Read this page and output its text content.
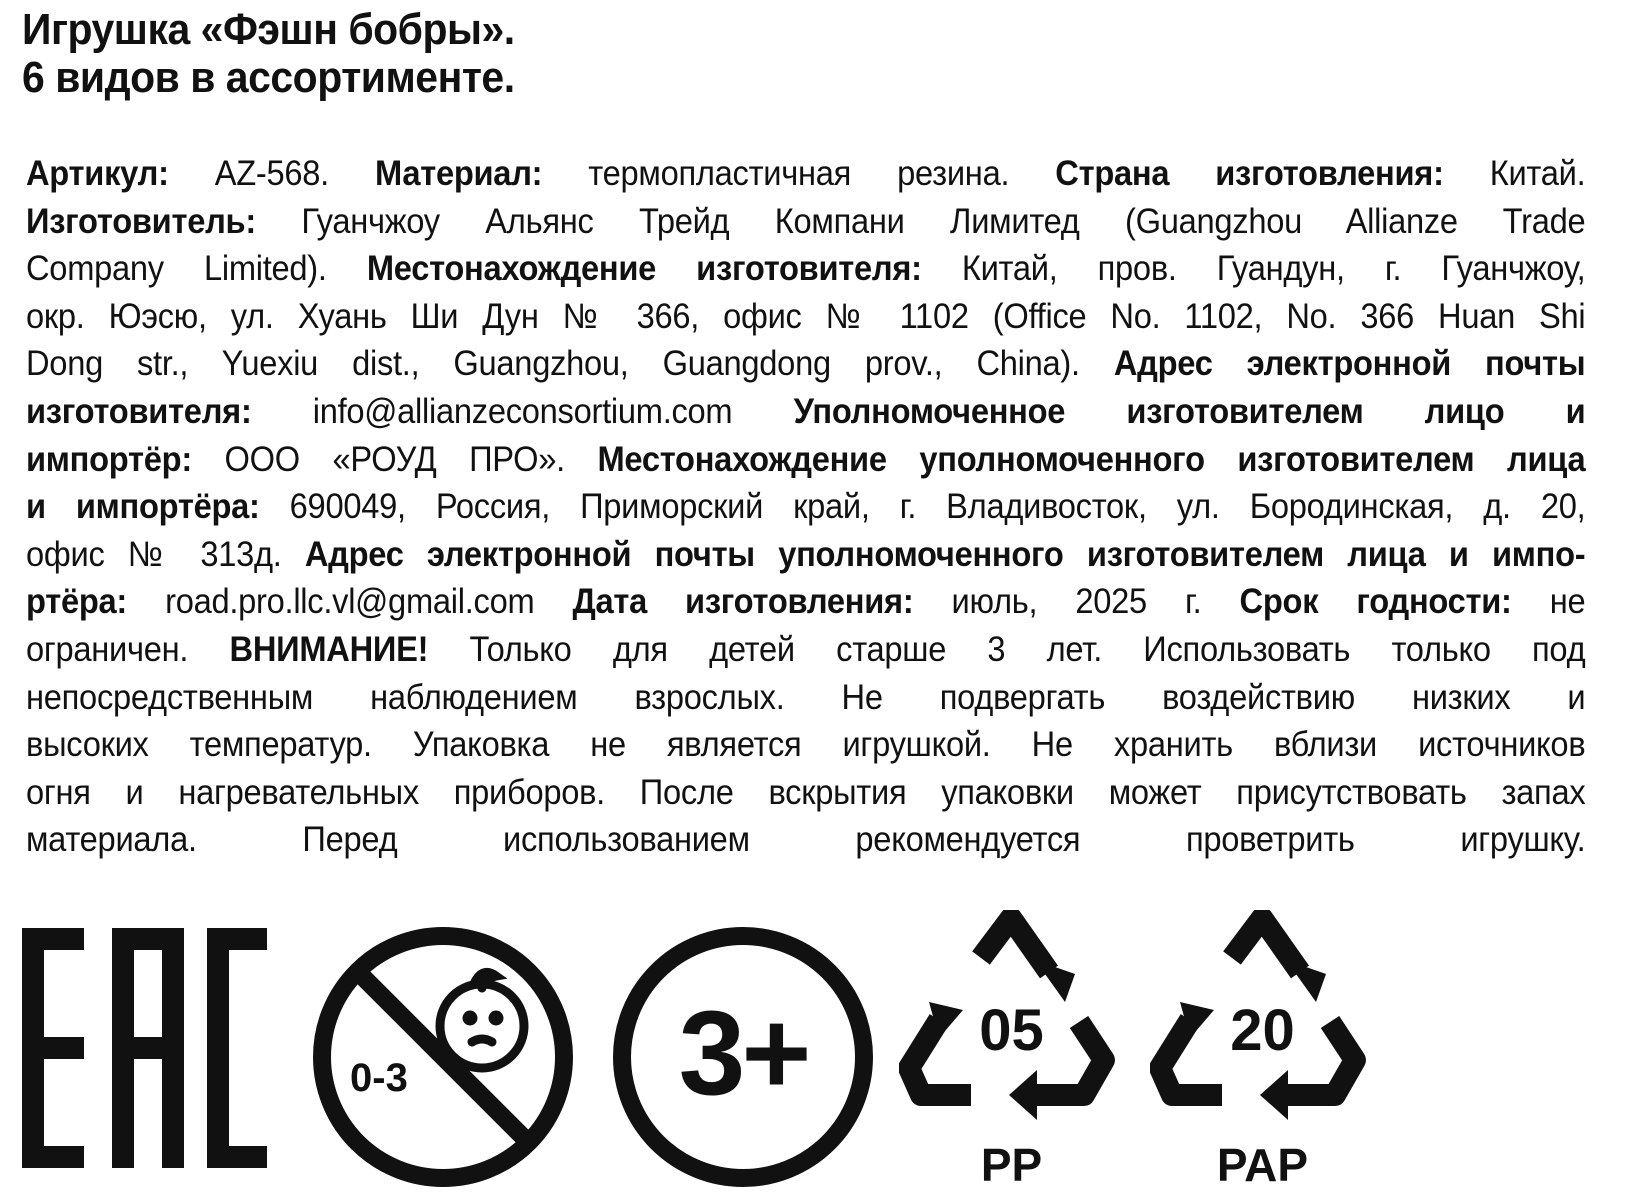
Игрушка «Фэшн бобры».
6 видов в ассортименте.
Артикул: AZ-568. Материал: термопластичная резина. Страна изготовления: Китай.
Изготовитель: Гуанчжоу Альянс Трейд Компани Лимитед (Guangzhou Allianze Trade
Company Limited). Местонахождение изготовителя: Китай, пров. Гуандун, г. Гуанчжоу,
окр. Юэсю, ул. Хуань Ши Дун № 366, офис № 1102 (Office No. 1102, No. 366 Huan Shi
Dong str., Yuexiu dist., Guangzhou, Guangdong prov., China). Адрес электронной почты
изготовителя: info@allianzeconsortium.com Уполномоченное изготовителем лицо и
импортёр: ООО «РОУД ПРО». Местонахождение уполномоченного изготовителем лица
и импортёра: 690049, Россия, Приморский край, г. Владивосток, ул. Бородинская, д. 20,
офис № 313д. Адрес электронной почты уполномоченного изготовителем лица и импо-
ртёра: road.pro.llc.vl@gmail.com Дата изготовления: июль, 2025 г. Срок годности: не
ограничен. ВНИМАНИЕ! Только для детей старше 3 лет. Использовать только под
непосредственным наблюдением взрослых. Не подвергать воздействию низких и
высоких температур. Упаковка не является игрушкой. Не хранить вблизи источников
огня и нагревательных приборов. После вскрытия упаковки может присутствовать запах
материала. Перед использованием рекомендуется проветрить игрушку.
0-3	3+	05
PP
20
PAP
